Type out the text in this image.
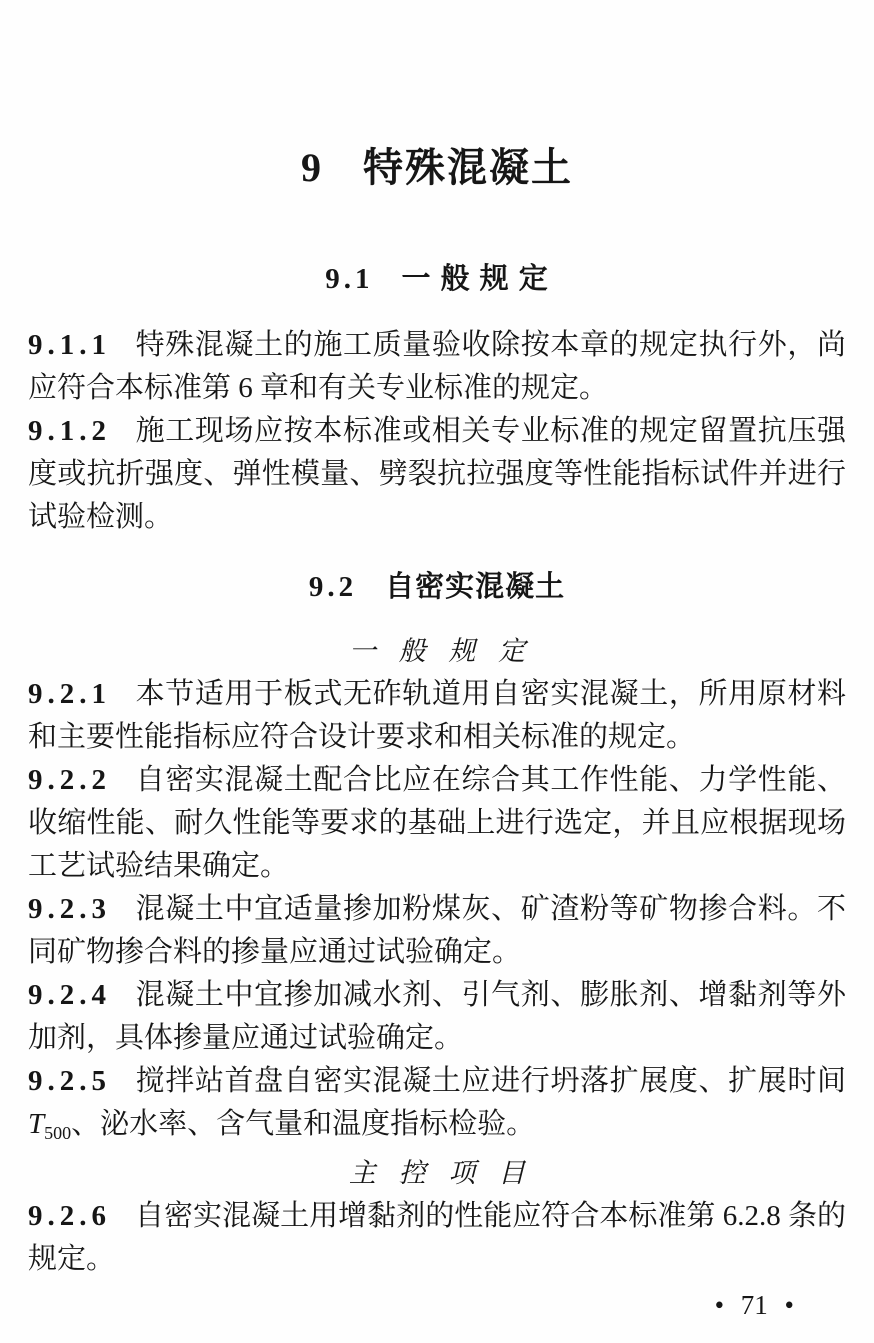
9 特殊混凝土
9.1 一 般 规 定

9.1.1 特殊混凝土的施工质量验收除按本章的规定执行外，尚应符合本标准第 6 章和有关专业标准的规定。

9.1.2 施工现场应按本标准或相关专业标准的规定留置抗压强度或抗折强度、弹性模量、劈裂抗拉强度等性能指标试件并进行试验检测。

9.2 自密实混凝土
一 般 规 定

9.2.1 本节适用于板式无砟轨道用自密实混凝土，所用原材料和主要性能指标应符合设计要求和相关标准的规定。

9.2.2 自密实混凝土配合比应在综合其工作性能、力学性能、收缩性能、耐久性能等要求的基础上进行选定，并且应根据现场工艺试验结果确定。

9.2.3 混凝土中宜适量掺加粉煤灰、矿渣粉等矿物掺合料。不同矿物掺合料的掺量应通过试验确定。

9.2.4 混凝土中宜掺加减水剂、引气剂、膨胀剂、增黏剂等外加剂，具体掺量应通过试验确定。

9.2.5 搅拌站首盘自密实混凝土应进行坍落扩展度、扩展时间$T_{500}$、泌水率、含气量和温度指标检验。

主 控 项 目

9.2.6 自密实混凝土用增黏剂的性能应符合本标准第 6.2.8 条的规定。

• 71 •
